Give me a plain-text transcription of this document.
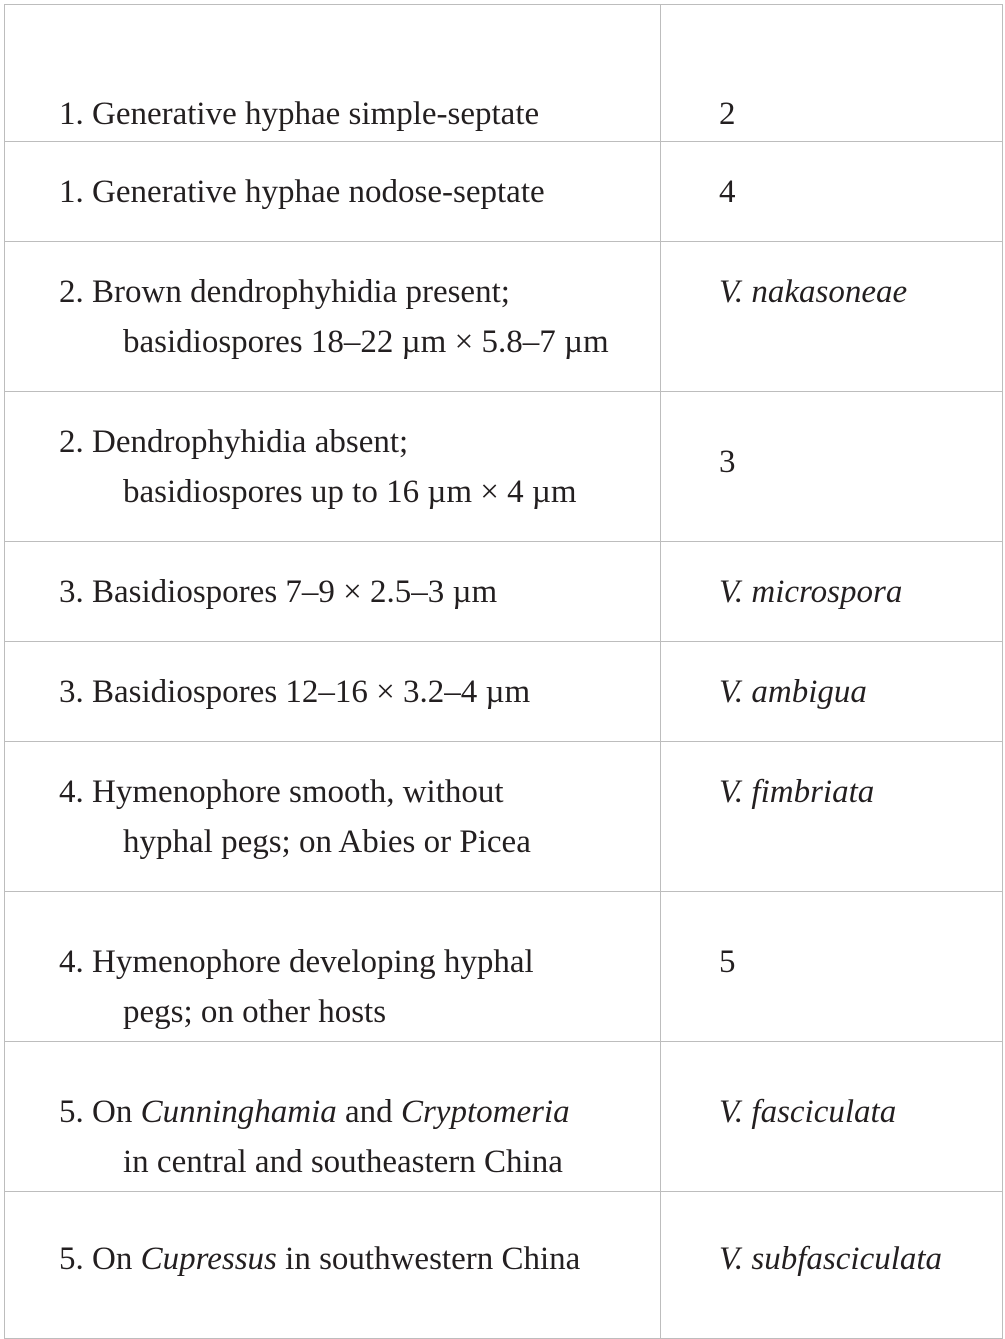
1. Generative hyphae simple-septate	2
1. Generative hyphae nodose-septate	4
2. Brown dendrophyhidia present;
basidiospores 18–22 µm × 5.8–7 µm	V. nakasoneae
2. Dendrophyhidia absent;
basidiospores up to 16 µm × 4 µm	3
3. Basidiospores 7–9 × 2.5–3 µm	V. microspora
3. Basidiospores 12–16 × 3.2–4 µm	V. ambigua
4. Hymenophore smooth, without
hyphal pegs; on Abies or Picea	V. fimbriata
4. Hymenophore developing hyphal
pegs; on other hosts	5
5. On Cunninghamia and Cryptomeria
in central and southeastern China	V. fasciculata
5. On Cupressus in southwestern China	V. subfasciculata
